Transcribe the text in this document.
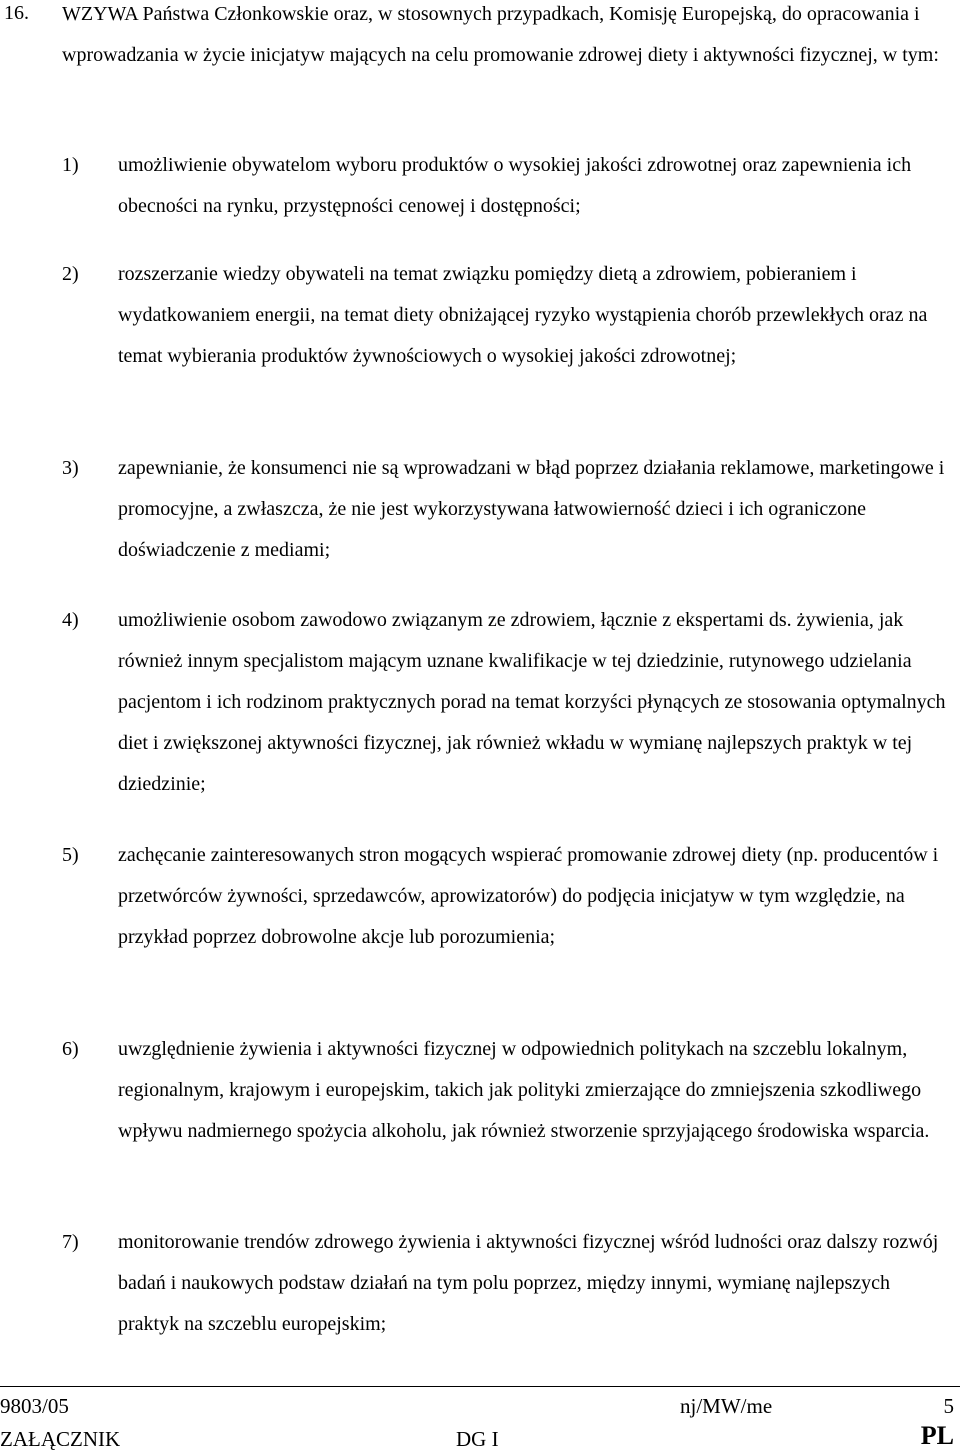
16. WZYWA Państwa Członkowskie oraz, w stosownych przypadkach, Komisję Europejską, do opracowania i wprowadzania w życie inicjatyw mających na celu promowanie zdrowej diety i aktywności fizycznej, w tym:
1) umożliwienie obywatelom wyboru produktów o wysokiej jakości zdrowotnej oraz zapewnienia ich obecności na rynku, przystępności cenowej i dostępności;
2) rozszerzanie wiedzy obywateli na temat związku pomiędzy dietą a zdrowiem, pobieraniem i wydatkowaniem energii, na temat diety obniżającej ryzyko wystąpienia chorób przewlekłych oraz na temat wybierania produktów żywnościowych o wysokiej jakości zdrowotnej;
3) zapewnianie, że konsumenci nie są wprowadzani w błąd poprzez działania reklamowe, marketingowe i promocyjne, a zwłaszcza, że nie jest wykorzystywana łatwowierność dzieci i ich ograniczone doświadczenie z mediami;
4) umożliwienie osobom zawodowo związanym ze zdrowiem, łącznie z ekspertami ds. żywienia, jak również innym specjalistom mającym uznane kwalifikacje w tej dziedzinie, rutynowego udzielania pacjentom i ich rodzinom praktycznych porad na temat korzyści płynących ze stosowania optymalnych diet i zwiększonej aktywności fizycznej, jak również wkładu w wymianę najlepszych praktyk w tej dziedzinie;
5) zachęcanie zainteresowanych stron mogących wspierać promowanie zdrowej diety (np. producentów i przetwórców żywności, sprzedawców, aprowizatorów) do podjęcia inicjatyw w tym względzie, na przykład poprzez dobrowolne akcje lub porozumienia;
6) uwzględnienie żywienia i aktywności fizycznej w odpowiednich politykach na szczeblu lokalnym, regionalnym, krajowym i europejskim, takich jak polityki zmierzające do zmniejszenia szkodliwego wpływu nadmiernego spożycia alkoholu, jak również stworzenie sprzyjającego środowiska wsparcia.
7) monitorowanie trendów zdrowego żywienia i aktywności fizycznej wśród ludności oraz dalszy rozwój badań i naukowych podstaw działań na tym polu poprzez, między innymi, wymianę najlepszych praktyk na szczeblu europejskim;
9803/05	nj/MW/me	5
ZAŁĄCZNIK	DG I	PL
